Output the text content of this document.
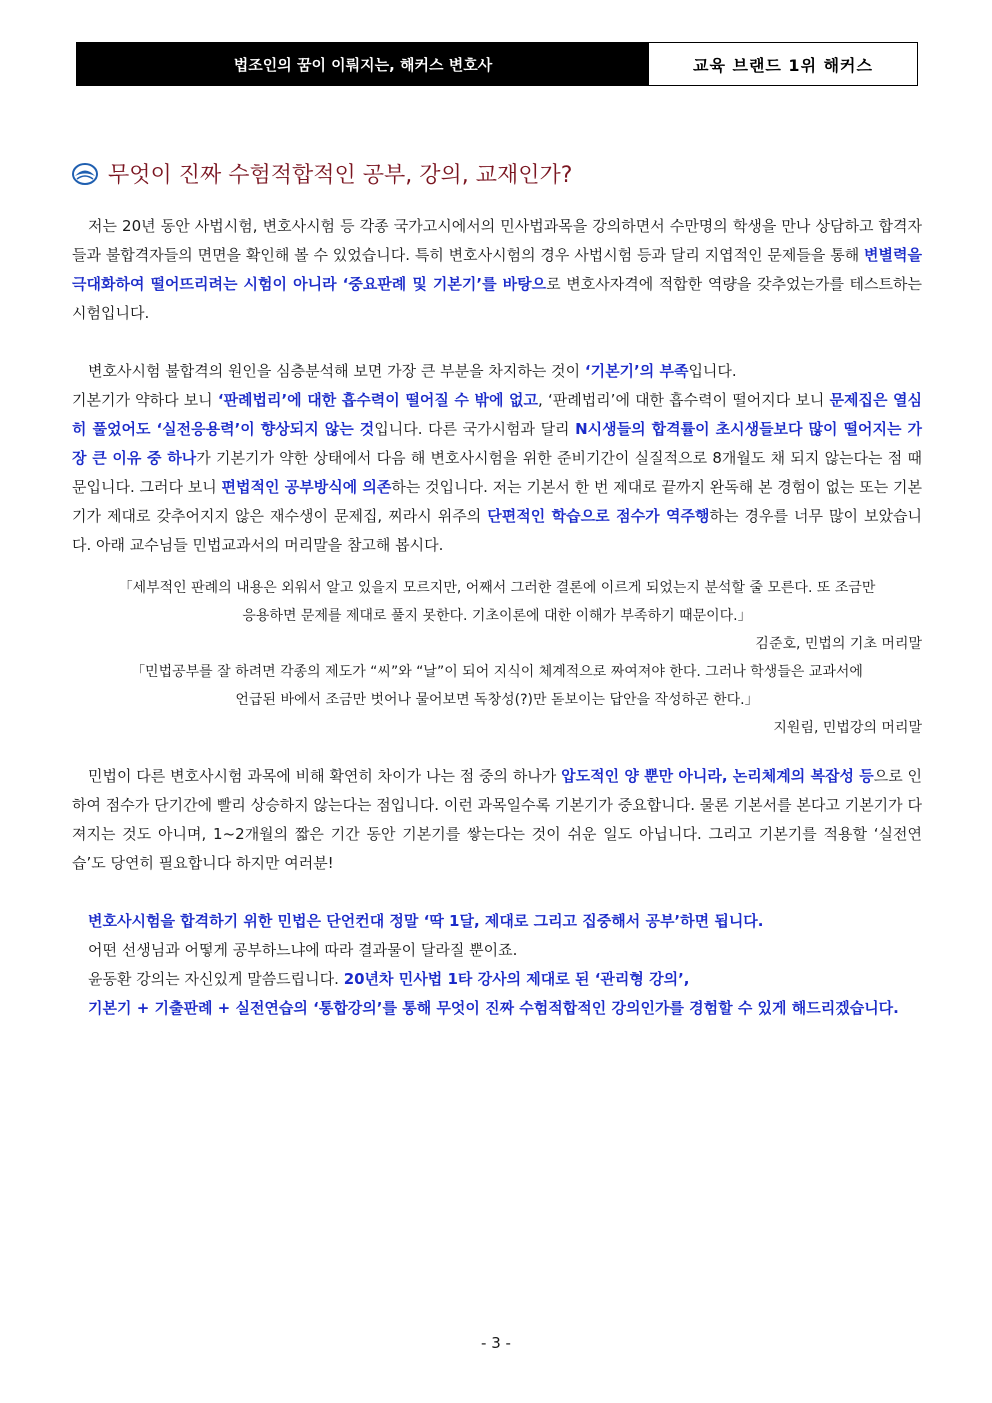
법조인의 꿈이 이뤄지는, 해커스 변호사	교육 브랜드 1위 해커스
무엇이 진짜 수험적합적인 공부, 강의, 교재인가?

저는 20년 동안 사법시험, 변호사시험 등 각종 국가고시에서의 민사법과목을 강의하면서 수만명의 학생을 만나 상담하고 합격자들과 불합격자들의 면면을 확인해 볼 수 있었습니다. 특히 변호사시험의 경우 사법시험 등과 달리 지엽적인 문제들을 통해 변별력을 극대화하여 떨어뜨리려는 시험이 아니라 ‘중요판례 및 기본기’를 바탕으로 변호사자격에 적합한 역량을 갖추었는가를 테스트하는 시험입니다.

변호사시험 불합격의 원인을 심층분석해 보면 가장 큰 부분을 차지하는 것이 ‘기본기’의 부족입니다.

기본기가 약하다 보니 ‘판례법리’에 대한 흡수력이 떨어질 수 밖에 없고, ‘판례법리’에 대한 흡수력이 떨어지다 보니 문제집은 열심히 풀었어도 ‘실전응용력’이 향상되지 않는 것입니다. 다른 국가시험과 달리 N시생들의 합격률이 초시생들보다 많이 떨어지는 가장 큰 이유 중 하나가 기본기가 약한 상태에서 다음 해 변호사시험을 위한 준비기간이 실질적으로 8개월도 채 되지 않는다는 점 때문입니다. 그러다 보니 편법적인 공부방식에 의존하는 것입니다. 저는 기본서 한 번 제대로 끝까지 완독해 본 경험이 없는 또는 기본기가 제대로 갖추어지지 않은 재수생이 문제집, 찌라시 위주의 단편적인 학습으로 점수가 역주행하는 경우를 너무 많이 보았습니다. 아래 교수님들 민법교과서의 머리말을 참고해 봅시다.

「세부적인 판례의 내용은 외워서 알고 있을지 모르지만, 어째서 그러한 결론에 이르게 되었는지 분석할 줄 모른다. 또 조금만

응용하면 문제를 제대로 풀지 못한다. 기초이론에 대한 이해가 부족하기 때문이다.」

김준호, 민법의 기초 머리말

「민법공부를 잘 하려면 각종의 제도가 “씨”와 “날”이 되어 지식이 체계적으로 짜여져야 한다. 그러나 학생들은 교과서에

언급된 바에서 조금만 벗어나 물어보면 독창성(?)만 돋보이는 답안을 작성하곤 한다.」

지원림, 민법강의 머리말

민법이 다른 변호사시험 과목에 비해 확연히 차이가 나는 점 중의 하나가 압도적인 양 뿐만 아니라, 논리체계의 복잡성 등으로 인하여 점수가 단기간에 빨리 상승하지 않는다는 점입니다. 이런 과목일수록 기본기가 중요합니다. 물론 기본서를 본다고 기본기가 다져지는 것도 아니며, 1~2개월의 짧은 기간 동안 기본기를 쌓는다는 것이 쉬운 일도 아닙니다. 그리고 기본기를 적용할 ‘실전연습’도 당연히 필요합니다 하지만 여러분!

변호사시험을 합격하기 위한 민법은 단언컨대 정말 ‘딱 1달, 제대로 그리고 집중해서 공부’하면 됩니다.

어떤 선생님과 어떻게 공부하느냐에 따라 결과물이 달라질 뿐이죠.

윤동환 강의는 자신있게 말씀드립니다. 20년차 민사법 1타 강사의 제대로 된 ‘관리형 강의’,

기본기 + 기출판례 + 실전연습의 ‘통합강의’를 통해 무엇이 진짜 수험적합적인 강의인가를 경험할 수 있게 해드리겠습니다.

- 3 -
